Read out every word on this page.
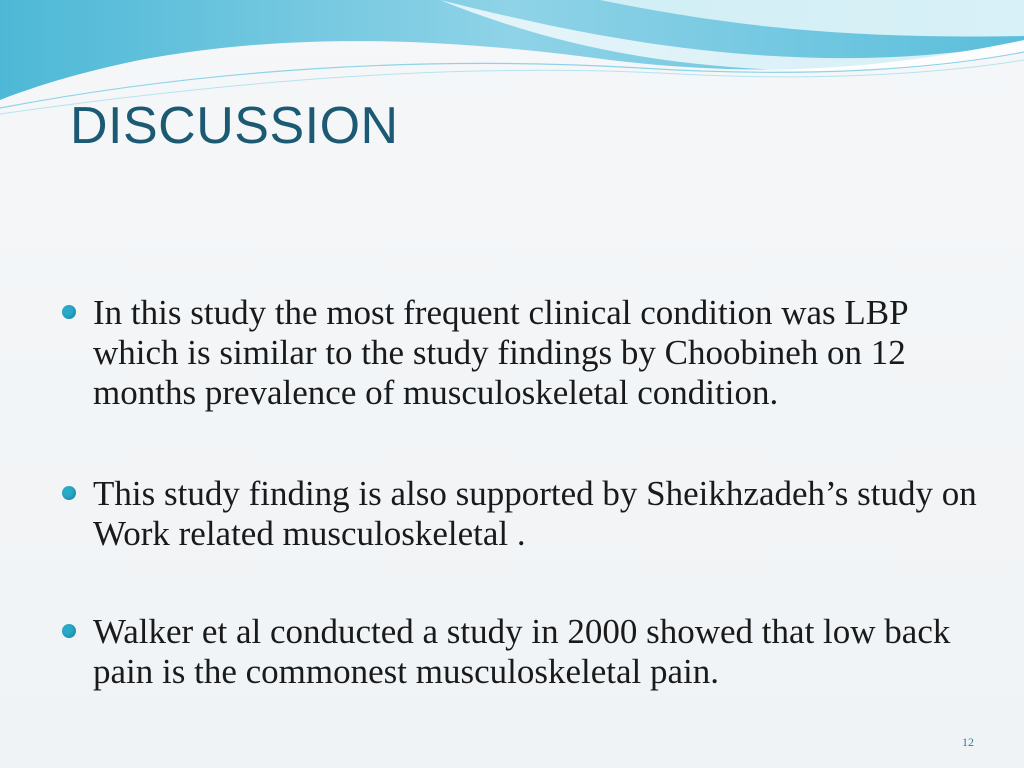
DISCUSSION
In this study the most frequent clinical condition was LBP which is similar to the study findings by Choobineh on 12 months prevalence of musculoskeletal condition.
This study finding is also supported by Sheikhzadeh’s study on Work related musculoskeletal .
Walker et al conducted a study in 2000 showed that low back pain is the commonest musculoskeletal pain.
12
